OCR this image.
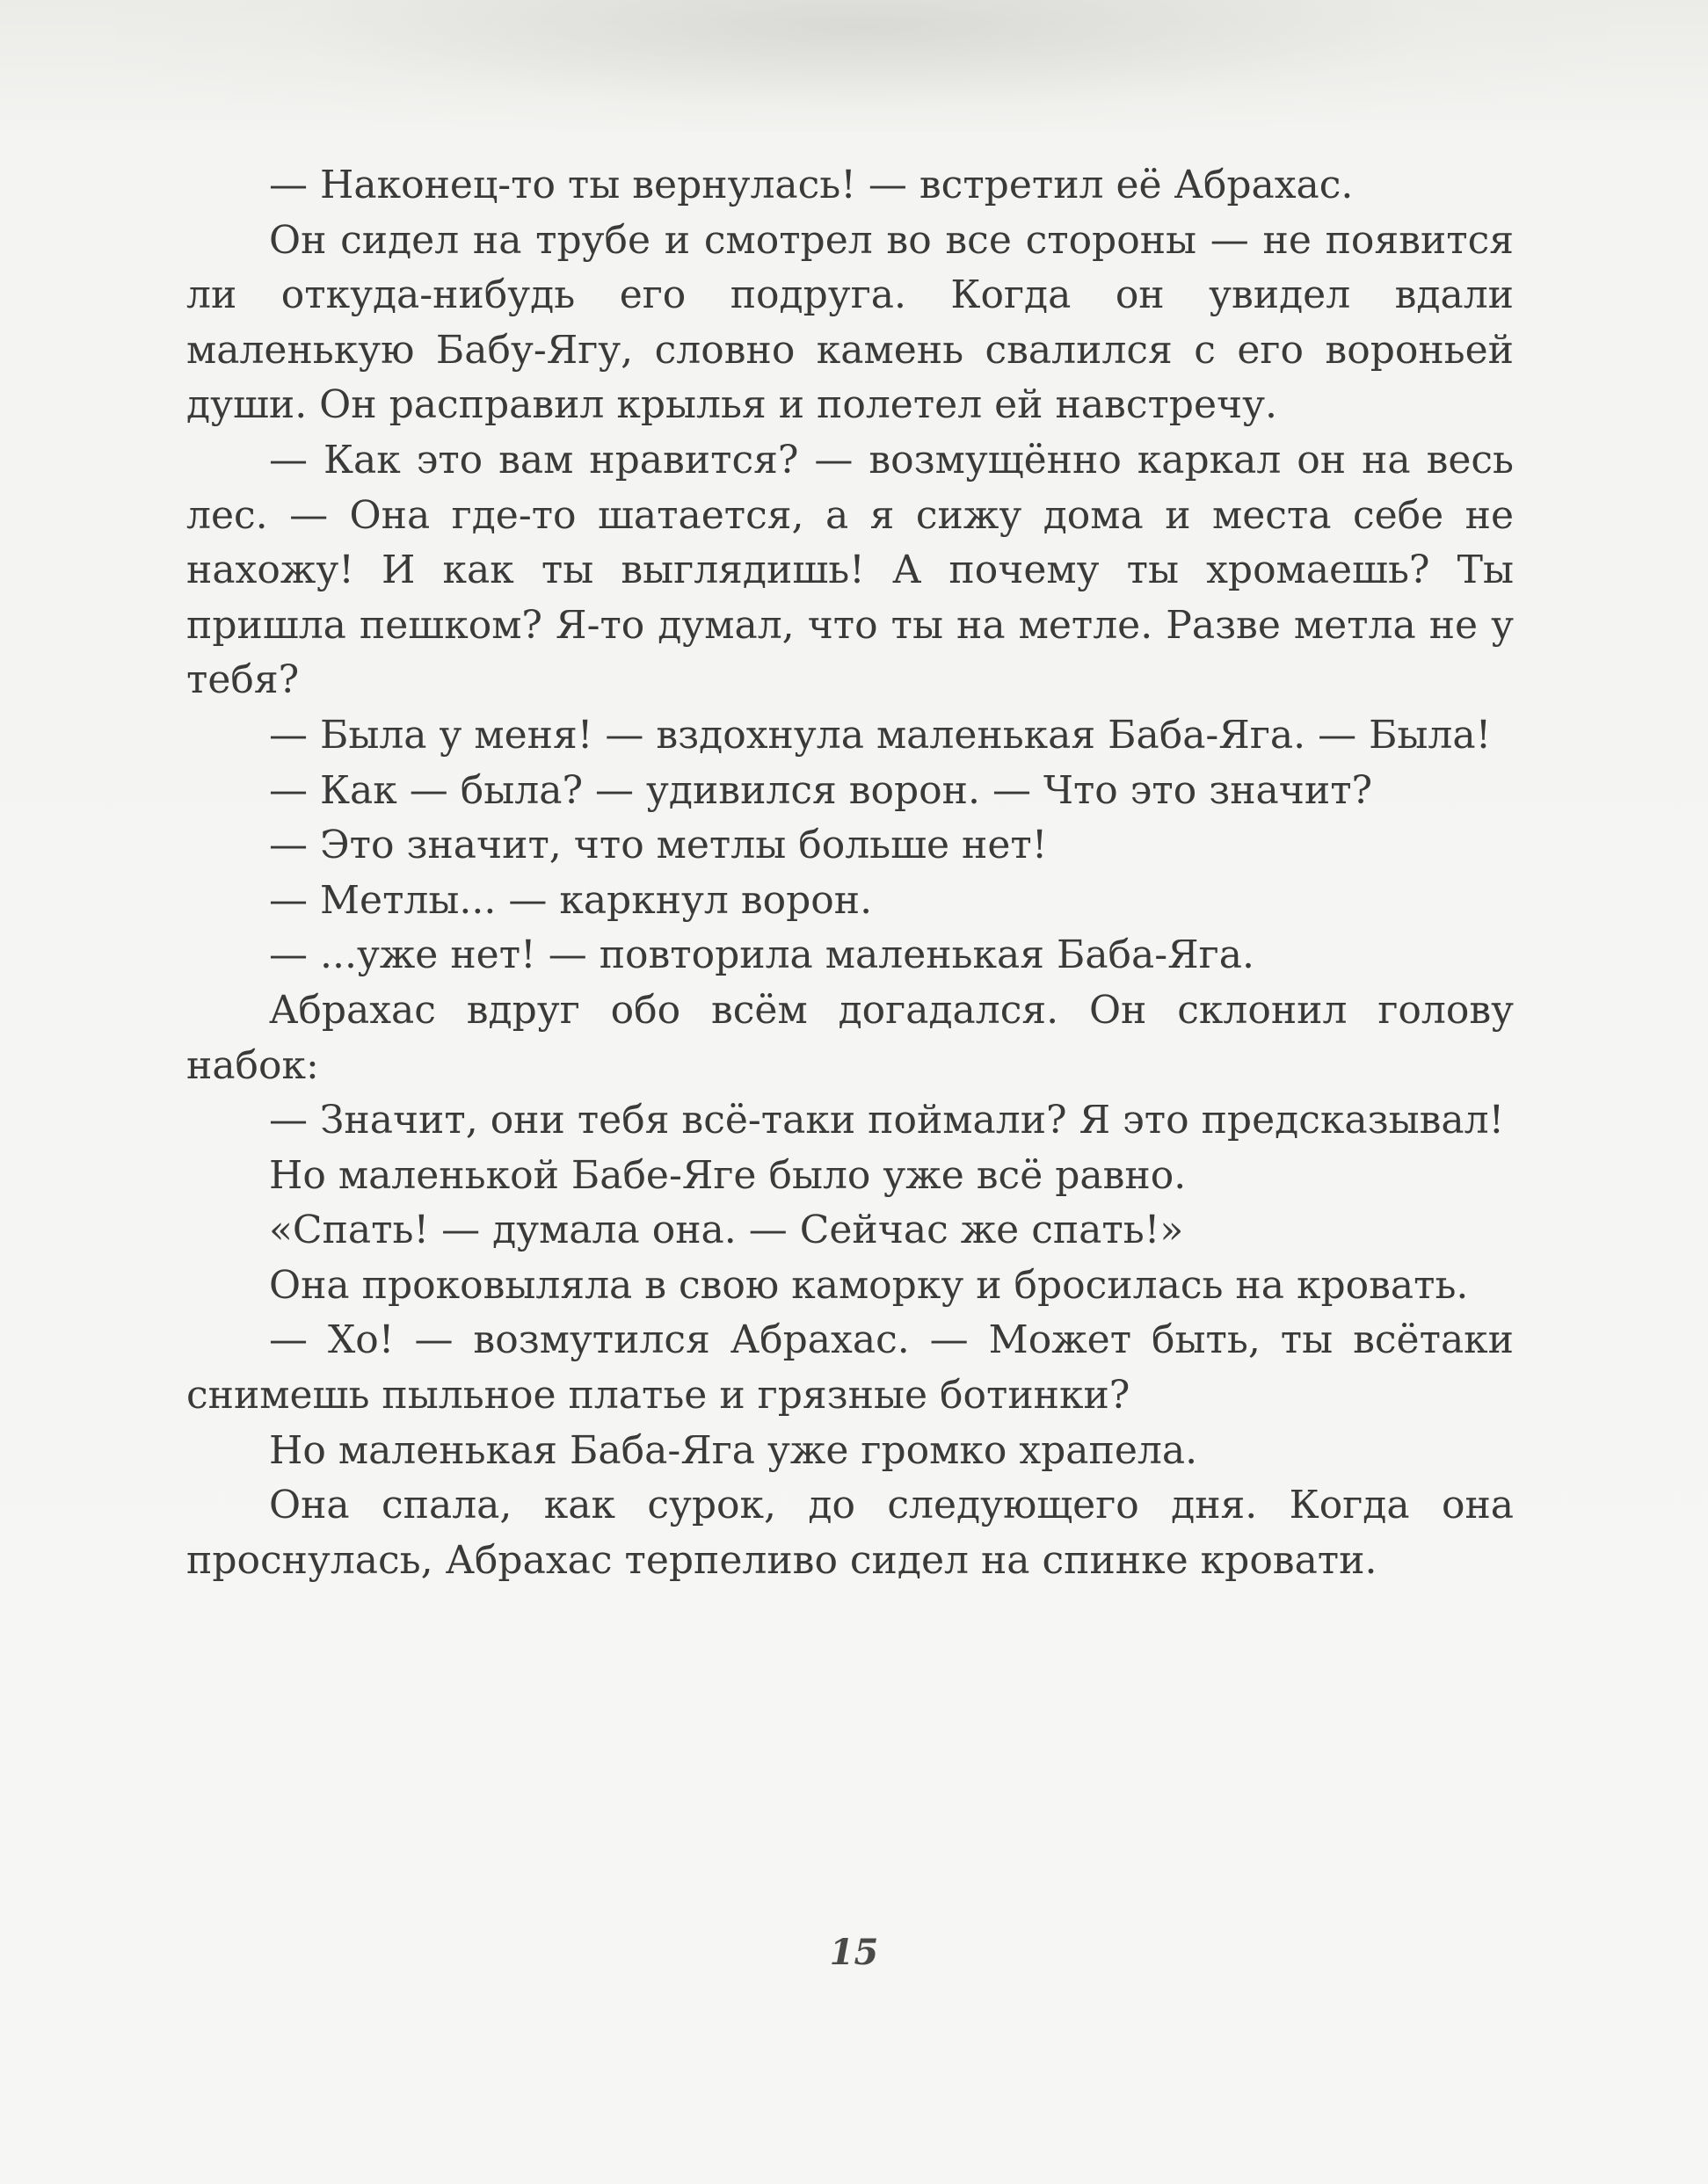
— Наконец-то ты вернулась! — встретил её Абрахас.

Он сидел на трубе и смотрел во все стороны — не появится ли откуда-нибудь его подруга. Когда он увидел вдали маленькую Бабу-Ягу, словно камень свалился с его вороньей души. Он расправил крылья и полетел ей навстречу.

— Как это вам нравится? — возмущённо каркал он на весь лес. — Она где-то шатается, а я сижу дома и места себе не нахожу! И как ты выглядишь! А почему ты хромаешь? Ты пришла пешком? Я-то думал, что ты на метле. Разве метла не у тебя?

— Была у меня! — вздохнула маленькая Баба-Яга. — Была!

— Как — была? — удивился ворон. — Что это значит?

— Это значит, что метлы больше нет!

— Метлы... — каркнул ворон.

— ...уже нет! — повторила маленькая Баба-Яга.

Абрахас вдруг обо всём догадался. Он склонил голову набок:

— Значит, они тебя всё-таки поймали? Я это предсказывал!

Но маленькой Бабе-Яге было уже всё равно.

«Спать! — думала она. — Сейчас же спать!»

Она проковыляла в свою каморку и бросилась на кровать.

— Хо! — возмутился Абрахас. — Может быть, ты всётаки снимешь пыльное платье и грязные ботинки?

Но маленькая Баба-Яга уже громко храпела.

Она спала, как сурок, до следующего дня. Когда она проснулась, Абрахас терпеливо сидел на спинке кровати.

15
